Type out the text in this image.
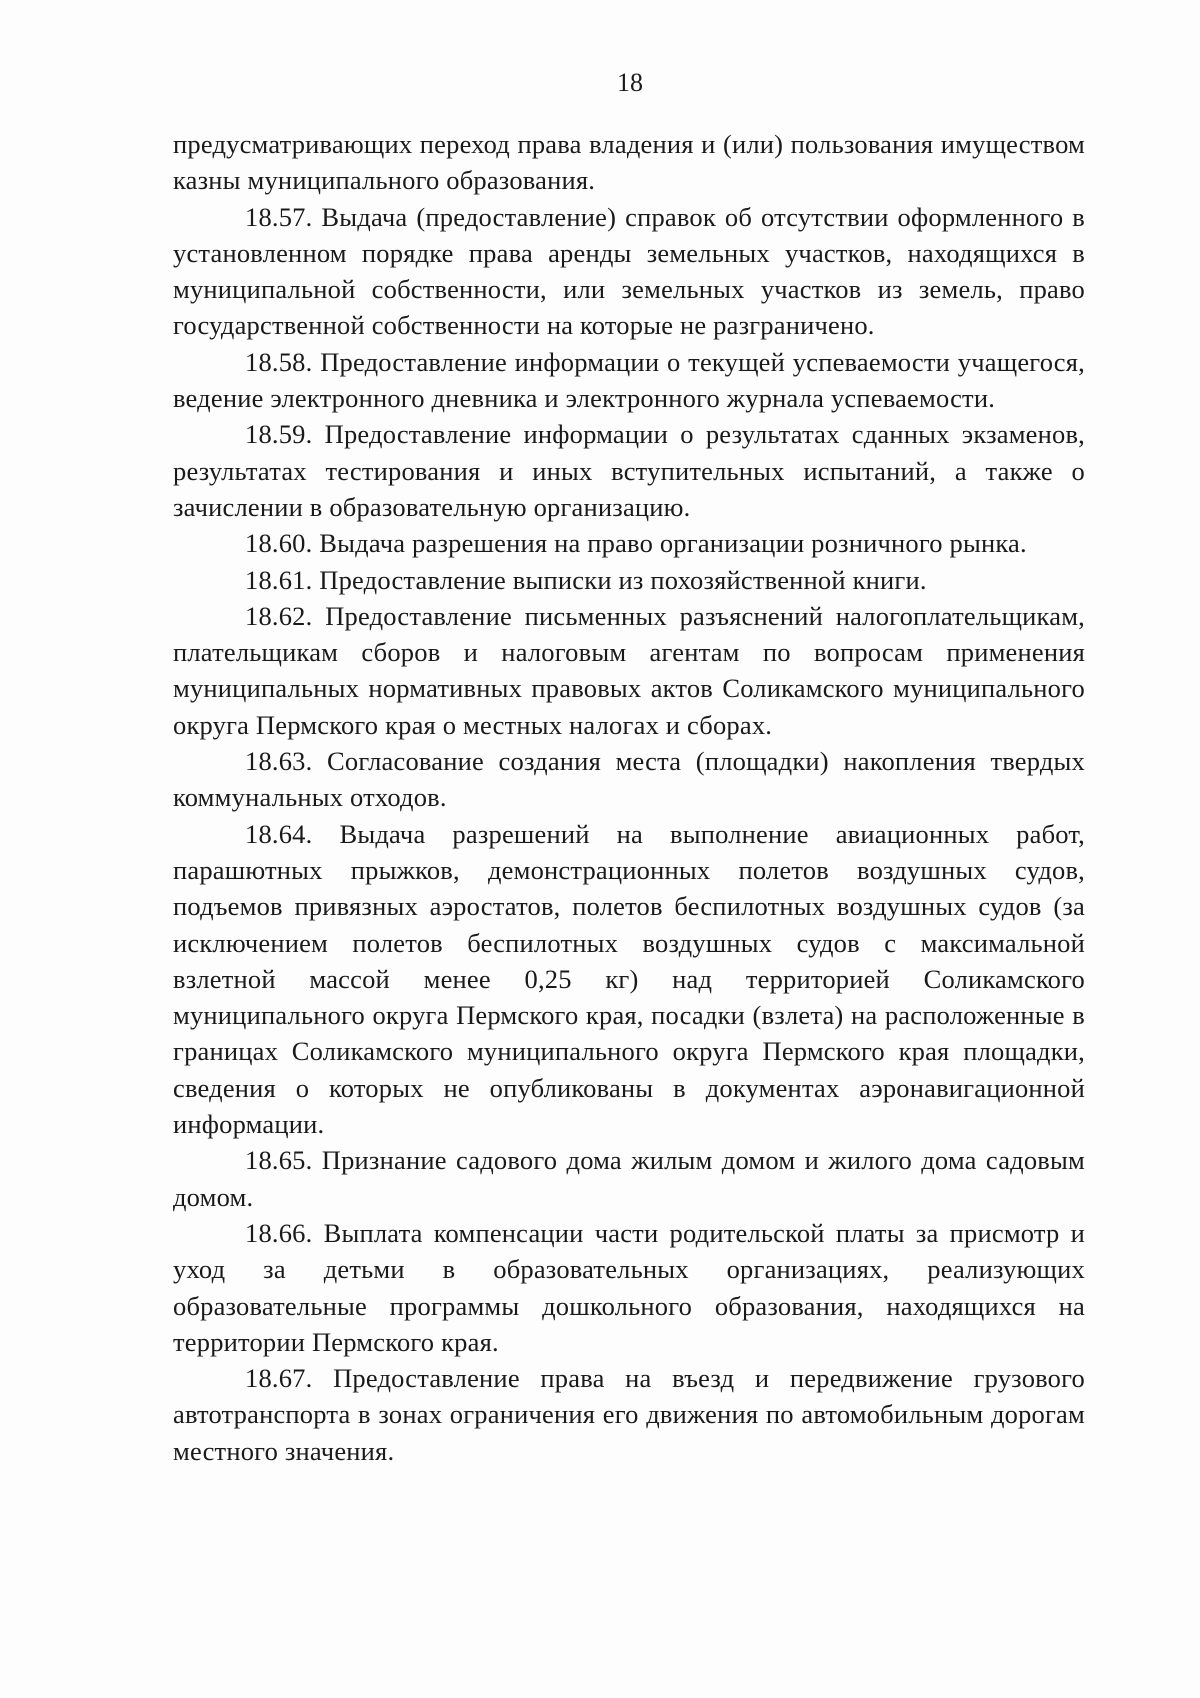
18

предусматривающих переход права владения и (или) пользования имуществом казны муниципального образования.

18.57. Выдача (предоставление) справок об отсутствии оформленного в установленном порядке права аренды земельных участков, находящихся в муниципальной собственности, или земельных участков из земель, право государственной собственности на которые не разграничено.

18.58. Предоставление информации о текущей успеваемости учащегося, ведение электронного дневника и электронного журнала успеваемости.

18.59. Предоставление информации о результатах сданных экзаменов, результатах тестирования и иных вступительных испытаний, а также о зачислении в образовательную организацию.

18.60. Выдача разрешения на право организации розничного рынка.

18.61. Предоставление выписки из похозяйственной книги.

18.62. Предоставление письменных разъяснений налогоплательщикам, плательщикам сборов и налоговым агентам по вопросам применения муниципальных нормативных правовых актов Соликамского муниципального округа Пермского края о местных налогах и сборах.

18.63. Согласование создания места (площадки) накопления твердых коммунальных отходов.

18.64. Выдача разрешений на выполнение авиационных работ, парашютных прыжков, демонстрационных полетов воздушных судов, подъемов привязных аэростатов, полетов беспилотных воздушных судов (за исключением полетов беспилотных воздушных судов с максимальной взлетной массой менее 0,25 кг) над территорией Соликамского муниципального округа Пермского края, посадки (взлета) на расположенные в границах Соликамского муниципального округа Пермского края площадки, сведения о которых не опубликованы в документах аэронавигационной информации.

18.65. Признание садового дома жилым домом и жилого дома садовым домом.

18.66. Выплата компенсации части родительской платы за присмотр и уход за детьми в образовательных организациях, реализующих образовательные программы дошкольного образования, находящихся на территории Пермского края.

18.67. Предоставление права на въезд и передвижение грузового автотранспорта в зонах ограничения его движения по автомобильным дорогам местного значения.
